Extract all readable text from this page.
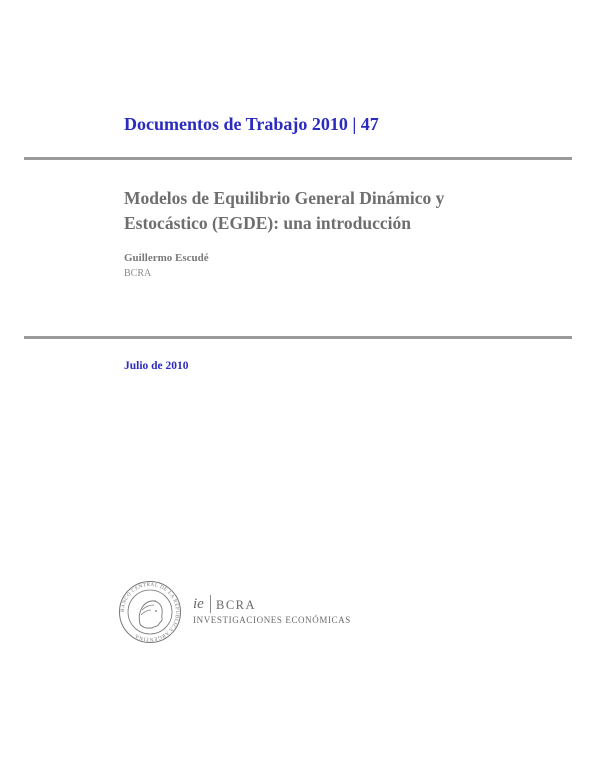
Documentos de Trabajo 2010 | 47
Modelos de Equilibrio General Dinámico y
Estocástico (EGDE): una introducción
Guillermo Escudé
BCRA
Julio de 2010
BANCO CENTRAL DE LA REPUBLICA ARGENTINA
ie BCRA
INVESTIGACIONES ECONÓMICAS
